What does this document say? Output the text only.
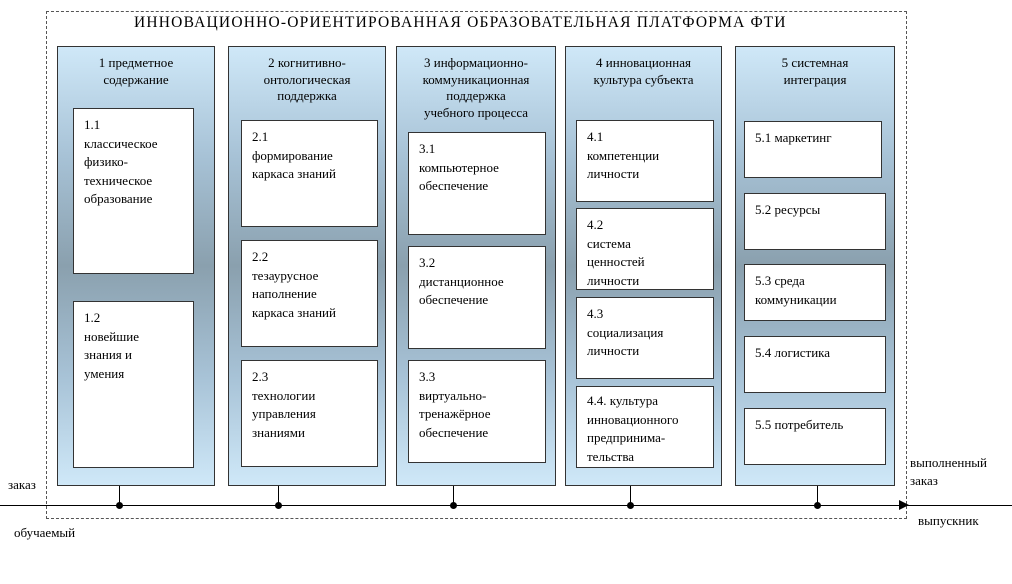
ИННОВАЦИОННО-ОРИЕНТИРОВАННАЯ ОБРАЗОВАТЕЛЬНАЯ ПЛАТФОРМА ФТИ
1 предметное
содержание
1.1
классическое
физико-
техническое
образование
1.2
новейшие
знания и
умения
2 когнитивно-
онтологическая
поддержка
2.1
формирование
каркаса знаний
2.2
тезаурусное
наполнение
каркаса знаний
2.3
технологии
управления
знаниями
3 информационно-
коммуникационная
поддержка
учебного процесса
3.1
компьютерное
обеспечение
3.2
дистанционное
обеспечение
3.3
виртуально-
тренажёрное
обеспечение
4 инновационная
культура субъекта
4.1
компетенции
личности
4.2
система
ценностей
личности
4.3
социализация
личности
4.4. культура
инновационного
предпринима-
тельства
5 системная
интеграция
5.1 маркетинг
5.2 ресурсы
5.3 среда
коммуникации
5.4 логистика
5.5 потребитель
заказ
обучаемый
выполненный
заказ
выпускник
